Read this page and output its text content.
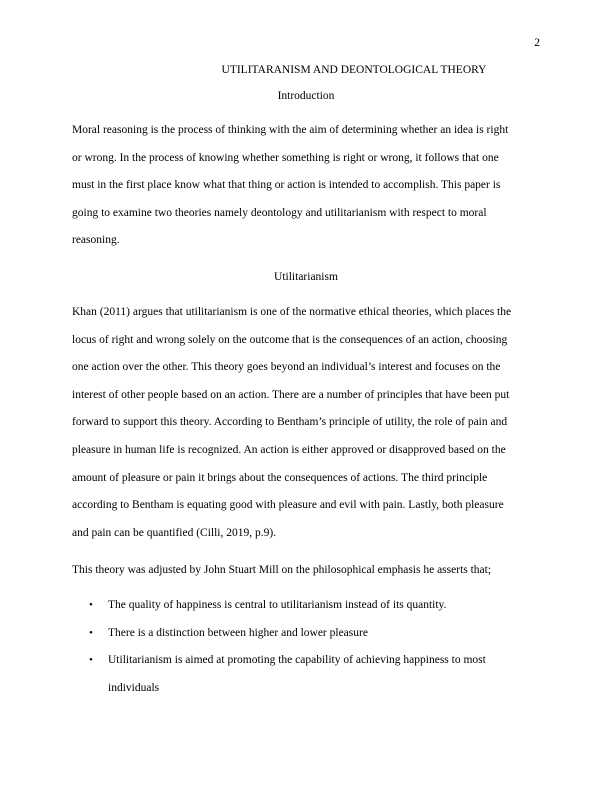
2
UTILITARANISM AND DEONTOLOGICAL THEORY
Introduction

Moral reasoning is the process of thinking with the aim of determining whether an idea is right
or wrong. In the process of knowing whether something is right or wrong, it follows that one
must in the first place know what that thing or action is intended to accomplish. This paper is
going to examine two theories namely deontology and utilitarianism with respect to moral
reasoning.

Utilitarianism

Khan (2011) argues that utilitarianism is one of the normative ethical theories, which places the
locus of right and wrong solely on the outcome that is the consequences of an action, choosing
one action over the other. This theory goes beyond an individual’s interest and focuses on the
interest of other people based on an action. There are a number of principles that have been put
forward to support this theory. According to Bentham’s principle of utility, the role of pain and
pleasure in human life is recognized. An action is either approved or disapproved based on the
amount of pleasure or pain it brings about the consequences of actions. The third principle
according to Bentham is equating good with pleasure and evil with pain. Lastly, both pleasure
and pain can be quantified (Cilli, 2019, p.9).

This theory was adjusted by John Stuart Mill on the philosophical emphasis he asserts that;

• The quality of happiness is central to utilitarianism instead of its quantity.
• There is a distinction between higher and lower pleasure
• Utilitarianism is aimed at promoting the capability of achieving happiness to most
individuals
